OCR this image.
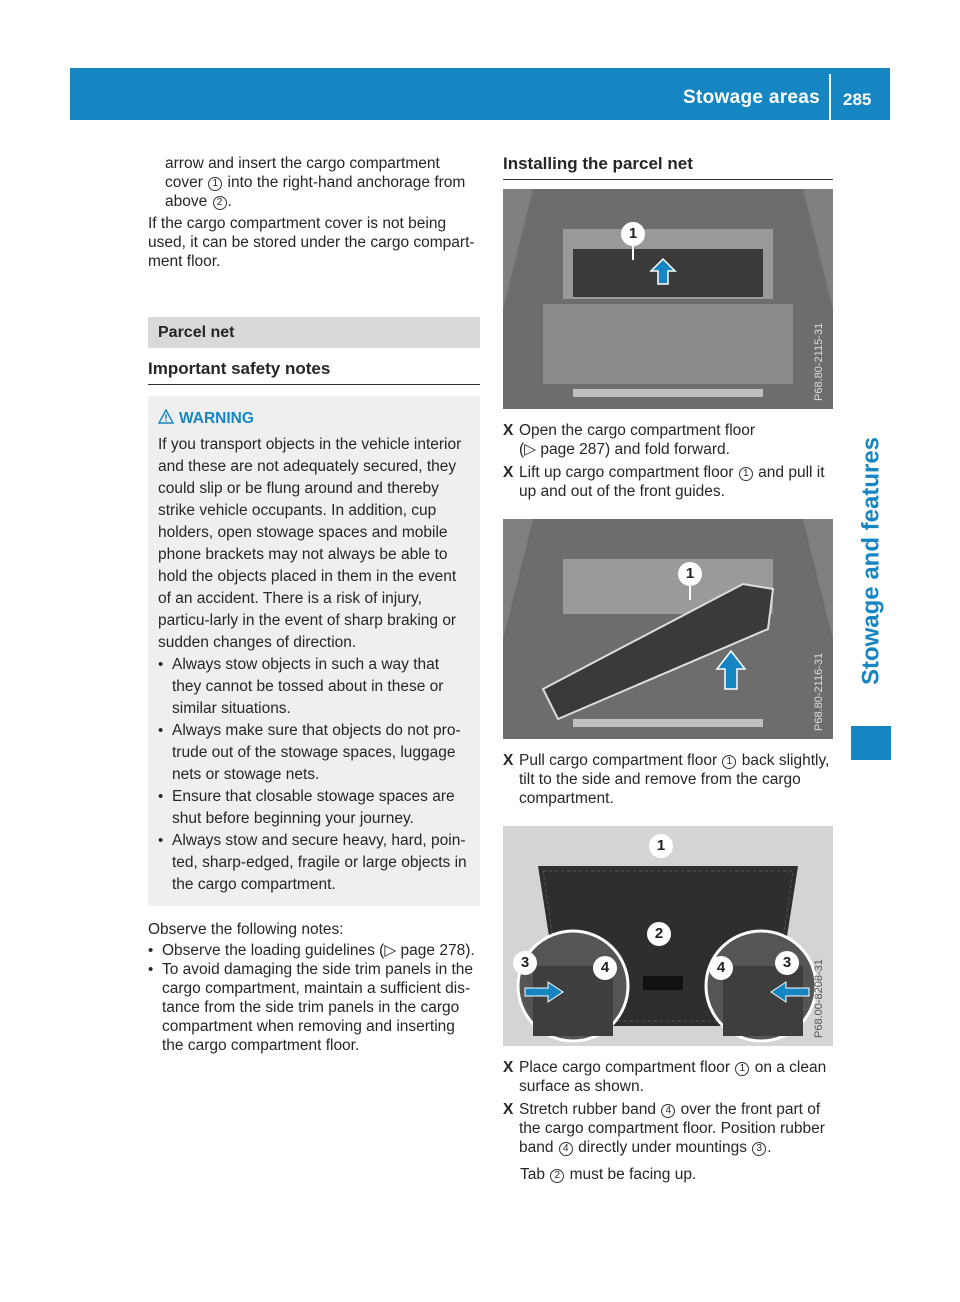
Stowage areas 285
Stowage and features

arrow and insert the cargo compartment
cover 1 into the right-hand anchorage from
above 2 .

If the cargo compartment cover is not being used, it can be stored under the cargo compart-ment floor.

Parcel net
Important safety notes
WARNING

If you transport objects in the vehicle interior and these are not adequately secured, they could slip or be flung around and thereby strike vehicle occupants. In addition, cup holders, open stowage spaces and mobile phone brackets may not always be able to hold the objects placed in them in the event of an accident. There is a risk of injury, particu-larly in the event of sharp braking or sudden changes of direction.

• Always stow objects in such a way that they cannot be tossed about in these or similar situations.

• Always make sure that objects do not pro-trude out of the stowage spaces, luggage nets or stowage nets.

• Ensure that closable stowage spaces are shut before beginning your journey.

• Always stow and secure heavy, hard, poin-ted, sharp-edged, fragile or large objects in the cargo compartment.

Observe the following notes:

• Observe the loading guidelines (▷ page 278).

• To avoid damaging the side trim panels in the cargo compartment, maintain a sufficient dis-tance from the side trim panels in the cargo compartment when removing and inserting the cargo compartment floor.

Installing the parcel net
1
P68.80-2115-31

X Open the cargo compartment floor
(▷ page 287) and fold forward.

X Lift up cargo compartment floor 1 and pull it up and out of the front guides.

1
P68.80-2116-31

X Pull cargo compartment floor 1 back slightly, tilt to the side and remove from the cargo compartment.

1
2
3	4	4	3	P68.00-8208-31

X Place cargo compartment floor 1 on a clean surface as shown.

X Stretch rubber band 4 over the front part of the cargo compartment floor. Position rubber band 4 directly under mountings 3 .

Tab 2 must be facing up.
